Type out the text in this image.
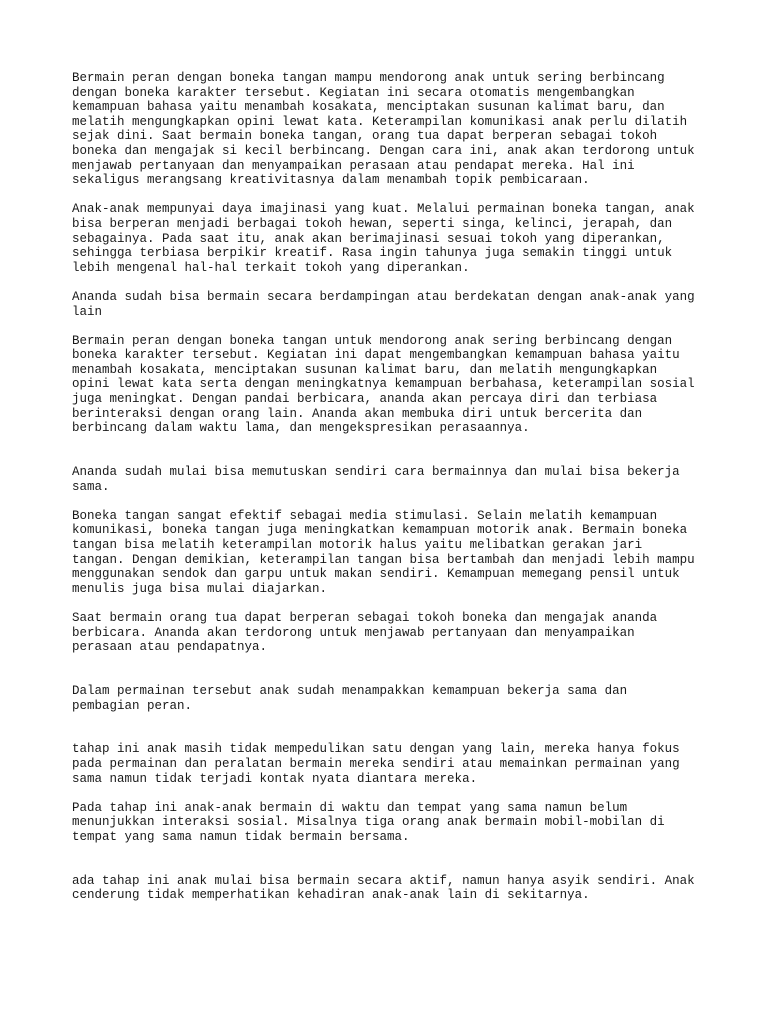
Bermain peran dengan boneka tangan mampu mendorong anak untuk sering berbincang
dengan boneka karakter tersebut. Kegiatan ini secara otomatis mengembangkan
kemampuan bahasa yaitu menambah kosakata, menciptakan susunan kalimat baru, dan
melatih mengungkapkan opini lewat kata. Keterampilan komunikasi anak perlu dilatih
sejak dini. Saat bermain boneka tangan, orang tua dapat berperan sebagai tokoh
boneka dan mengajak si kecil berbincang. Dengan cara ini, anak akan terdorong untuk
menjawab pertanyaan dan menyampaikan perasaan atau pendapat mereka. Hal ini
sekaligus merangsang kreativitasnya dalam menambah topik pembicaraan.

Anak-anak mempunyai daya imajinasi yang kuat. Melalui permainan boneka tangan, anak
bisa berperan menjadi berbagai tokoh hewan, seperti singa, kelinci, jerapah, dan
sebagainya. Pada saat itu, anak akan berimajinasi sesuai tokoh yang diperankan,
sehingga terbiasa berpikir kreatif. Rasa ingin tahunya juga semakin tinggi untuk
lebih mengenal hal-hal terkait tokoh yang diperankan.

Ananda sudah bisa bermain secara berdampingan atau berdekatan dengan anak-anak yang
lain

Bermain peran dengan boneka tangan untuk mendorong anak sering berbincang dengan
boneka karakter tersebut. Kegiatan ini dapat mengembangkan kemampuan bahasa yaitu
menambah kosakata, menciptakan susunan kalimat baru, dan melatih mengungkapkan
opini lewat kata serta dengan meningkatnya kemampuan berbahasa, keterampilan sosial
juga meningkat. Dengan pandai berbicara, ananda akan percaya diri dan terbiasa
berinteraksi dengan orang lain. Ananda akan membuka diri untuk bercerita dan
berbincang dalam waktu lama, dan mengekspresikan perasaannya.

Ananda sudah mulai bisa memutuskan sendiri cara bermainnya dan mulai bisa bekerja
sama.

Boneka tangan sangat efektif sebagai media stimulasi. Selain melatih kemampuan
komunikasi, boneka tangan juga meningkatkan kemampuan motorik anak. Bermain boneka
tangan bisa melatih keterampilan motorik halus yaitu melibatkan gerakan jari
tangan. Dengan demikian, keterampilan tangan bisa bertambah dan menjadi lebih mampu
menggunakan sendok dan garpu untuk makan sendiri. Kemampuan memegang pensil untuk
menulis juga bisa mulai diajarkan.

Saat bermain orang tua dapat berperan sebagai tokoh boneka dan mengajak ananda
berbicara. Ananda akan terdorong untuk menjawab pertanyaan dan menyampaikan
perasaan atau pendapatnya.

Dalam permainan tersebut anak sudah menampakkan kemampuan bekerja sama dan
pembagian peran.

tahap ini anak masih tidak mempedulikan satu dengan yang lain, mereka hanya fokus
pada permainan dan peralatan bermain mereka sendiri atau memainkan permainan yang
sama namun tidak terjadi kontak nyata diantara mereka.

Pada tahap ini anak-anak bermain di waktu dan tempat yang sama namun belum
menunjukkan interaksi sosial. Misalnya tiga orang anak bermain mobil-mobilan di
tempat yang sama namun tidak bermain bersama.

ada tahap ini anak mulai bisa bermain secara aktif, namun hanya asyik sendiri. Anak
cenderung tidak memperhatikan kehadiran anak-anak lain di sekitarnya.
